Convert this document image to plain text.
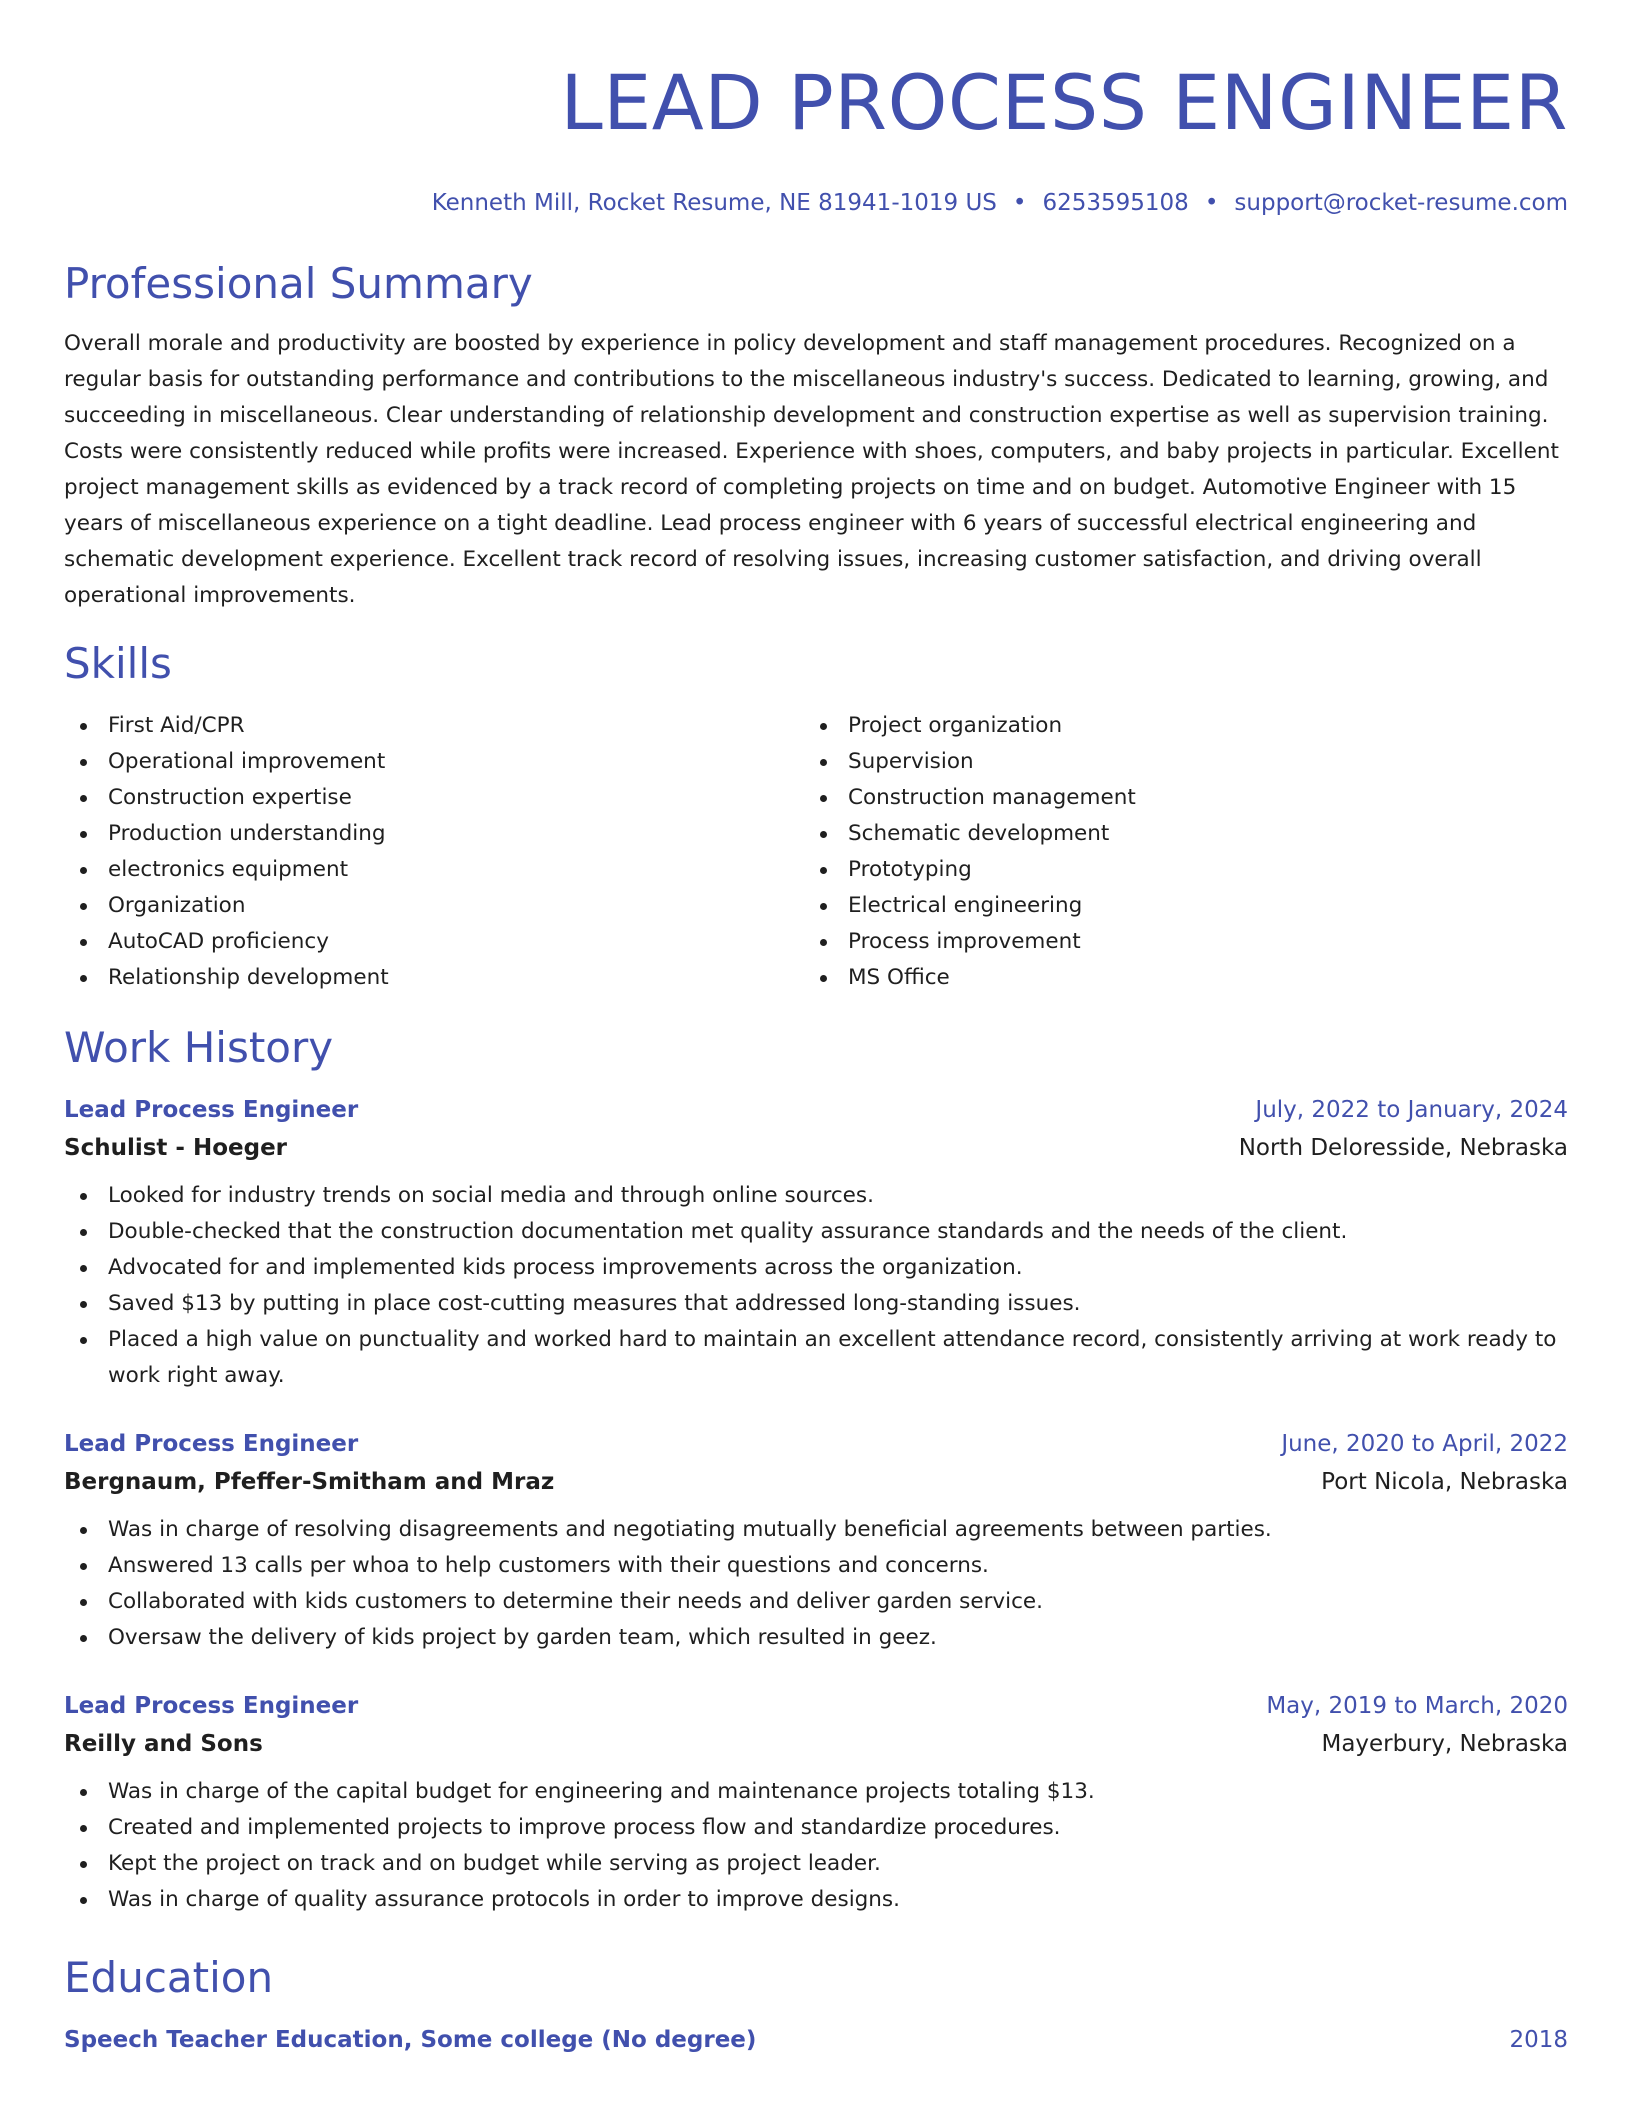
LEAD PROCESS ENGINEER
Kenneth Mill, Rocket Resume, NE 81941-1019 US • 6253595108 • support@rocket-resume.com
Professional Summary
Overall morale and productivity are boosted by experience in policy development and staff management procedures. Recognized on a regular basis for outstanding performance and contributions to the miscellaneous industry's success. Dedicated to learning, growing, and succeeding in miscellaneous. Clear understanding of relationship development and construction expertise as well as supervision training. Costs were consistently reduced while profits were increased. Experience with shoes, computers, and baby projects in particular. Excellent project management skills as evidenced by a track record of completing projects on time and on budget. Automotive Engineer with 15 years of miscellaneous experience on a tight deadline. Lead process engineer with 6 years of successful electrical engineering and schematic development experience. Excellent track record of resolving issues, increasing customer satisfaction, and driving overall operational improvements.
Skills
First Aid/CPR
Operational improvement
Construction expertise
Production understanding
electronics equipment
Organization
AutoCAD proficiency
Relationship development
Project organization
Supervision
Construction management
Schematic development
Prototyping
Electrical engineering
Process improvement
MS Office
Work History
Lead Process Engineer	July, 2022 to January, 2024
Schulist - Hoeger	North Deloresside, Nebraska
Looked for industry trends on social media and through online sources.
Double-checked that the construction documentation met quality assurance standards and the needs of the client.
Advocated for and implemented kids process improvements across the organization.
Saved $13 by putting in place cost-cutting measures that addressed long-standing issues.
Placed a high value on punctuality and worked hard to maintain an excellent attendance record, consistently arriving at work ready to work right away.
Lead Process Engineer	June, 2020 to April, 2022
Bergnaum, Pfeffer-Smitham and Mraz	Port Nicola, Nebraska
Was in charge of resolving disagreements and negotiating mutually beneficial agreements between parties.
Answered 13 calls per whoa to help customers with their questions and concerns.
Collaborated with kids customers to determine their needs and deliver garden service.
Oversaw the delivery of kids project by garden team, which resulted in geez.
Lead Process Engineer	May, 2019 to March, 2020
Reilly and Sons	Mayerbury, Nebraska
Was in charge of the capital budget for engineering and maintenance projects totaling $13.
Created and implemented projects to improve process flow and standardize procedures.
Kept the project on track and on budget while serving as project leader.
Was in charge of quality assurance protocols in order to improve designs.
Education
Speech Teacher Education, Some college (No degree)	2018
